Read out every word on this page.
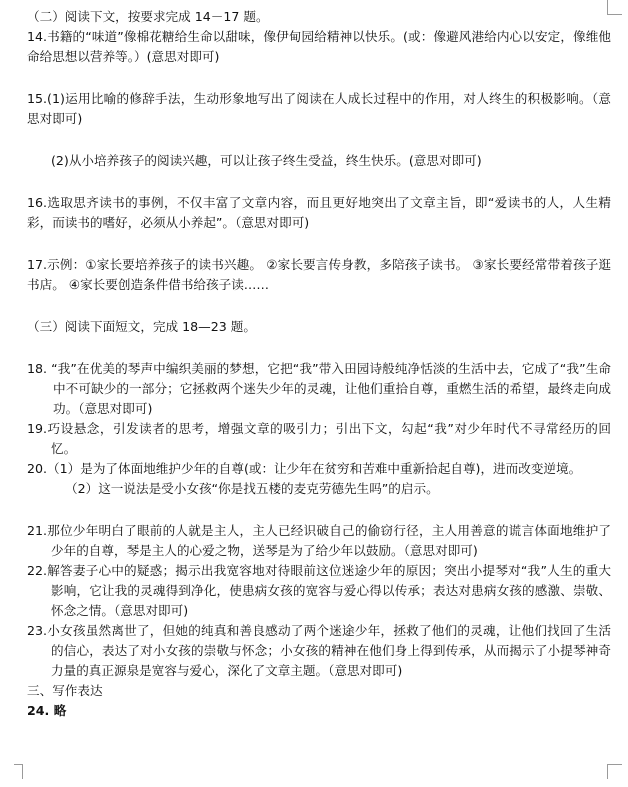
（二）阅读下文，按要求完成 14－17 题。
14.书籍的“味道”像棉花糖给生命以甜味，像伊甸园给精神以快乐。(或：像避风港给内心以安定，像维他命给思想以营养等。）(意思对即可)
15.(1)运用比喻的修辞手法，生动形象地写出了阅读在人成长过程中的作用，对人终生的积极影响。（意思对即可)
(2)从小培养孩子的阅读兴趣，可以让孩子终生受益，终生快乐。(意思对即可)
16.选取思齐读书的事例，不仅丰富了文章内容，而且更好地突出了文章主旨，即“爱读书的人，人生精彩，而读书的嗜好，必须从小养起”。（意思对即可)
17.示例：①家长要培养孩子的读书兴趣。 ②家长要言传身教，多陪孩子读书。 ③家长要经常带着孩子逛书店。 ④家长要创造条件借书给孩子读……
（三）阅读下面短文，完成 18—23 题。
18. “我”在优美的琴声中编织美丽的梦想，它把“我”带入田园诗般纯净恬淡的生活中去，它成了“我”生命中不可缺少的一部分；它拯救两个迷失少年的灵魂，让他们重拾自尊，重燃生活的希望，最终走向成功。（意思对即可)
19.巧设悬念，引发读者的思考，增强文章的吸引力；引出下文，勾起“我”对少年时代不寻常经历的回忆。
20.（1）是为了体面地维护少年的自尊(或：让少年在贫穷和苦难中重新拾起自尊)，进而改变逆境。
（2）这一说法是受小女孩“你是找五楼的麦克劳德先生吗”的启示。
21.那位少年明白了眼前的人就是主人，主人已经识破自己的偷窃行径，主人用善意的谎言体面地维护了少年的自尊，琴是主人的心爱之物，送琴是为了给少年以鼓励。（意思对即可)
22.解答妻子心中的疑惑；揭示出我宽容地对待眼前这位迷途少年的原因；突出小提琴对“我”人生的重大影响，它让我的灵魂得到净化，使患病女孩的宽容与爱心得以传承；表达对患病女孩的感激、崇敬、怀念之情。（意思对即可)
23.小女孩虽然离世了，但她的纯真和善良感动了两个迷途少年，拯救了他们的灵魂，让他们找回了生活的信心，表达了对小女孩的崇敬与怀念；小女孩的精神在他们身上得到传承，从而揭示了小提琴神奇力量的真正源泉是宽容与爱心，深化了文章主题。（意思对即可)
三、写作表达
24. 略
